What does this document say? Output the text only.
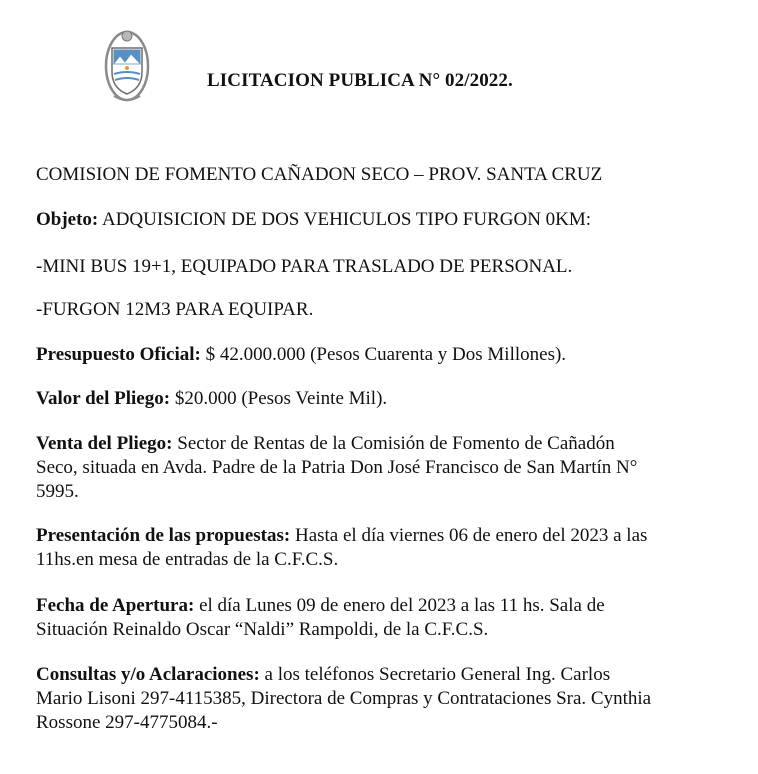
LICITACION PUBLICA N° 02/2022.
COMISION DE FOMENTO CAÑADON SECO – PROV. SANTA CRUZ
Objeto: ADQUISICION DE DOS VEHICULOS TIPO FURGON 0KM:
-MINI BUS 19+1, EQUIPADO PARA TRASLADO DE PERSONAL.
-FURGON 12M3 PARA EQUIPAR.
Presupuesto Oficial: $ 42.000.000 (Pesos Cuarenta y Dos Millones).
Valor del Pliego: $20.000 (Pesos Veinte Mil).
Venta del Pliego: Sector de Rentas de la Comisión de Fomento de Cañadón
Seco, situada en Avda. Padre de la Patria Don José Francisco de San Martín N°
5995.
Presentación de las propuestas: Hasta el día viernes 06 de enero del 2023 a las
11hs.en mesa de entradas de la C.F.C.S.
Fecha de Apertura: el día Lunes 09 de enero del 2023 a las 11 hs. Sala de
Situación Reinaldo Oscar “Naldi” Rampoldi, de la C.F.C.S.
Consultas y/o Aclaraciones: a los teléfonos Secretario General Ing. Carlos
Mario Lisoni 297-4115385, Directora de Compras y Contrataciones Sra. Cynthia
Rossone 297-4775084.-
